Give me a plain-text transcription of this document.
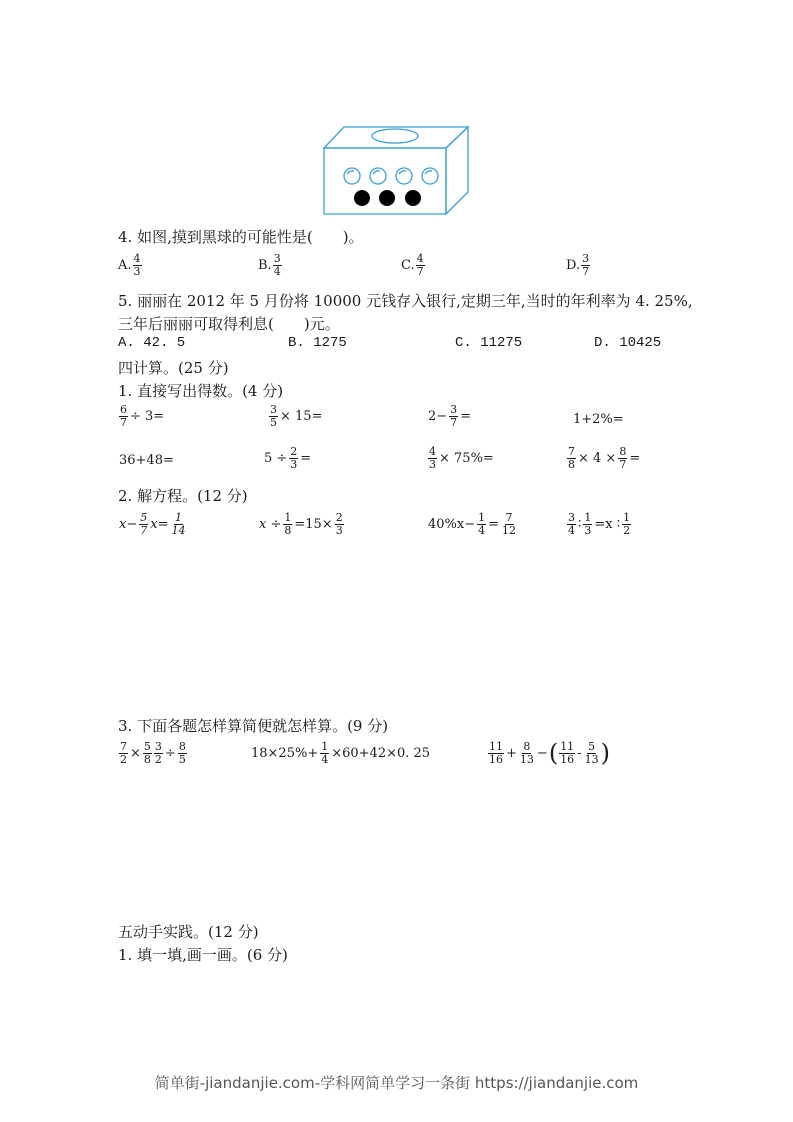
4. 如图,摸到黑球的可能性是(　　)。
A. $\frac{4}{3}$	B. $\frac{3}{4}$	C. $\frac{4}{7}$	D. $\frac{3}{7}$
5. 丽丽在 2012 年 5 月份将 10000 元钱存入银行,定期三年,当时的年利率为 4. 25%,
三年后丽丽可取得利息(　　)元。
A. 42. 5	B. 1275	C. 11275	D. 10425
四计算。(25 分)
1. 直接写出得数。(4 分)
$\frac{6}{7} \div 3=$	$\frac{3}{5} \times 15=$	$2- \frac{3}{7}$ =	1+2%=
36+48=	$5 \div \frac{2}{3}$ =	$\frac{4}{3} \times 75\%=$	$\frac{7}{8} \times 4 \times \frac{8}{7}$ =
2. 解方程。(12 分)
$x- \frac{5}{7} x= \frac{1}{14}$	$x \div \frac{1}{8} =15\times \frac{2}{3}$	$40\%x- \frac{1}{4} = \frac{7}{12}$	$\frac{3}{4}$ ∶ $\frac{1}{3} =x$ ∶ $\frac{1}{2}$
3. 下面各题怎样算简便就怎样算。(9 分)
$\frac{7}{2} \times \frac{5}{8} \frac{3}{2} \div \frac{8}{5}$	$18\times 25\%+ \frac{1}{4} \times 60+42\times 0$. 25	$\frac{11}{16} + \frac{8}{13}$ − ( $\frac{11}{16} - \frac{5}{13}$ )
五动手实践。(12 分)
1. 填一填,画一画。(6 分)
简单街-jiandanjie.com-学科网简单学习一条街 https://jiandanjie.com
